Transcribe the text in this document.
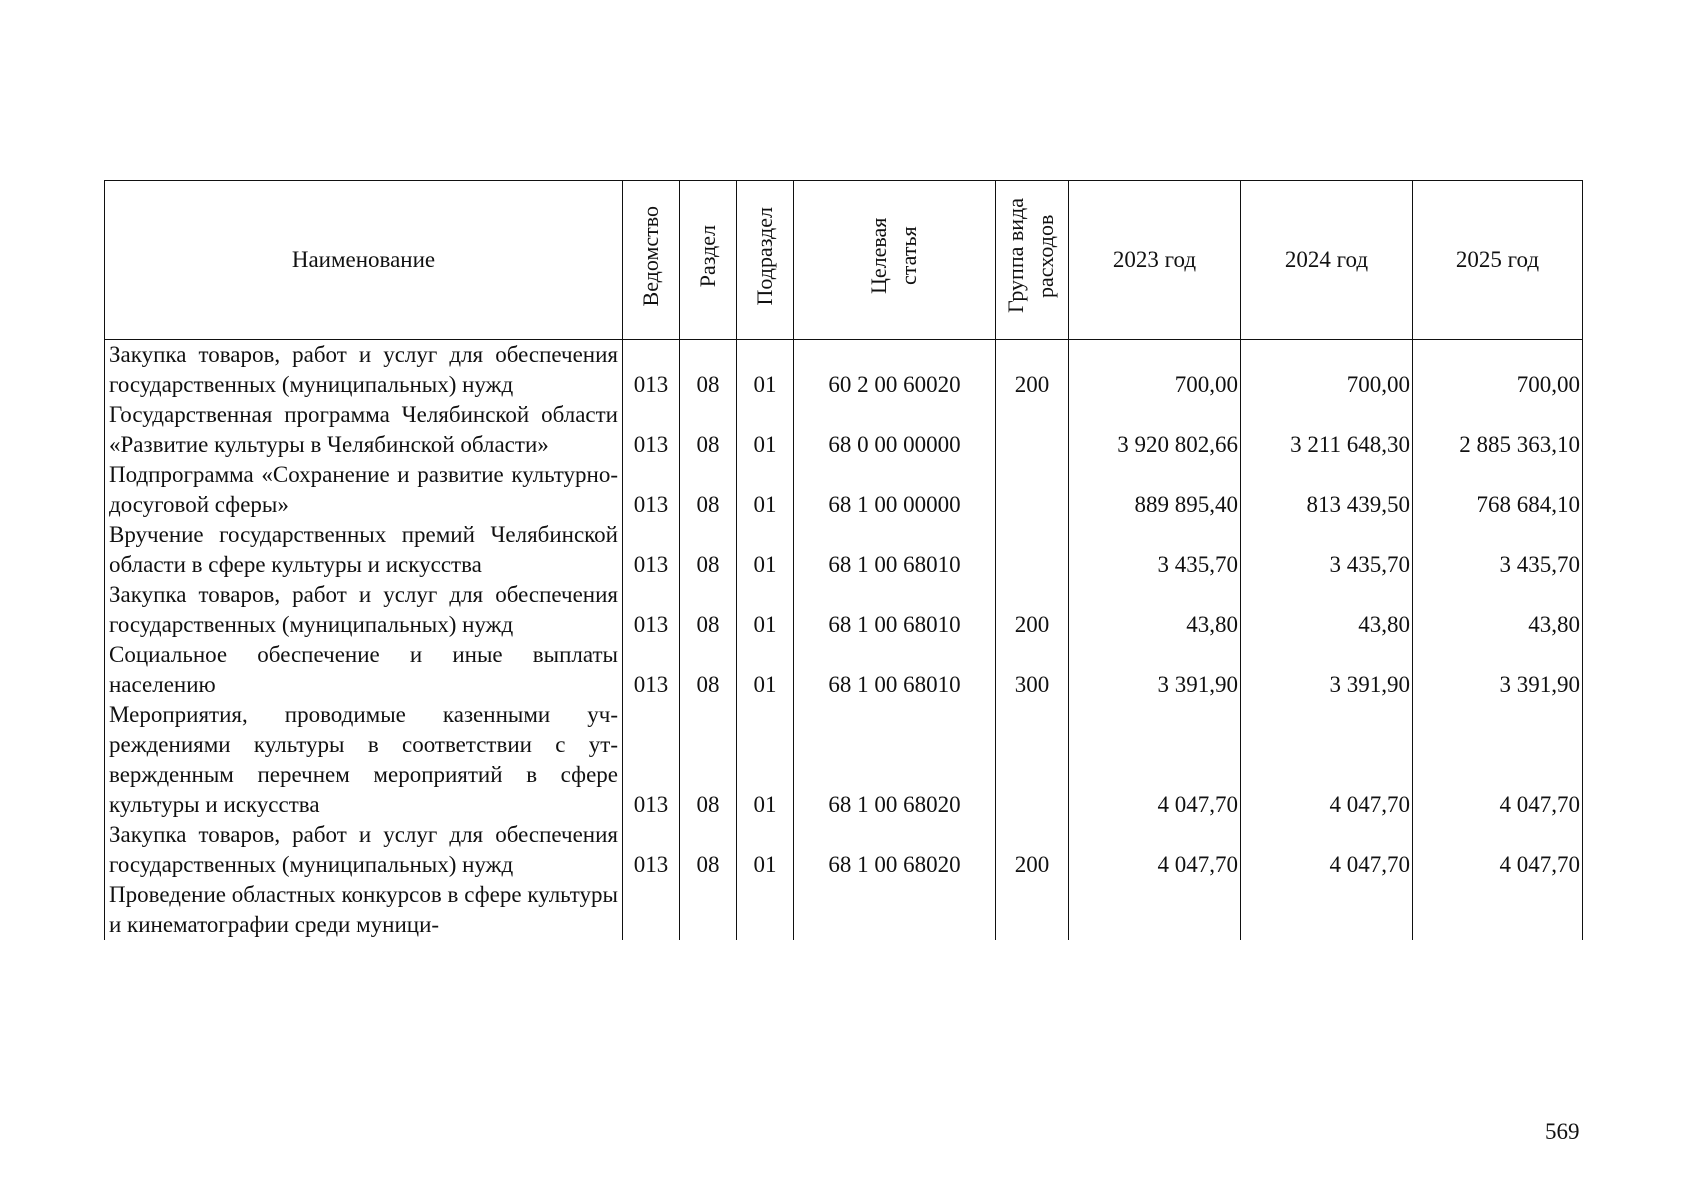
Наименование	Ведомство	Раздел	Подраздел	Целевая статья	Группа вида расходов	2023 год	2024 год	2025 год
Закупка товаров, работ и услуг для обеспечения государственных (муниципальных) нужд	013	08	01	60 2 00 60020	200	700,00	700,00	700,00
Государственная программа Челябинской области «Развитие культуры в Челябинской области»	013	08	01	68 0 00 00000		3 920 802,66	3 211 648,30	2 885 363,10
Подпрограмма «Сохранение и развитие культурно-досуговой сферы»	013	08	01	68 1 00 00000		889 895,40	813 439,50	768 684,10
Вручение государственных премий Челябинской области в сфере культуры и искусства	013	08	01	68 1 00 68010		3 435,70	3 435,70	3 435,70
Закупка товаров, работ и услуг для обеспечения государственных (муниципальных) нужд	013	08	01	68 1 00 68010	200	43,80	43,80	43,80
Социальное обеспечение и иные выплаты населению	013	08	01	68 1 00 68010	300	3 391,90	3 391,90	3 391,90
Мероприятия, проводимые казенными учреждениями культуры в соответствии с утвержденным перечнем мероприятий в сфере культуры и искусства	013	08	01	68 1 00 68020		4 047,70	4 047,70	4 047,70
Закупка товаров, работ и услуг для обеспечения государственных (муниципальных) нужд	013	08	01	68 1 00 68020	200	4 047,70	4 047,70	4 047,70
Проведение областных конкурсов в сфере культуры и кинематографии среди муници-								
569
